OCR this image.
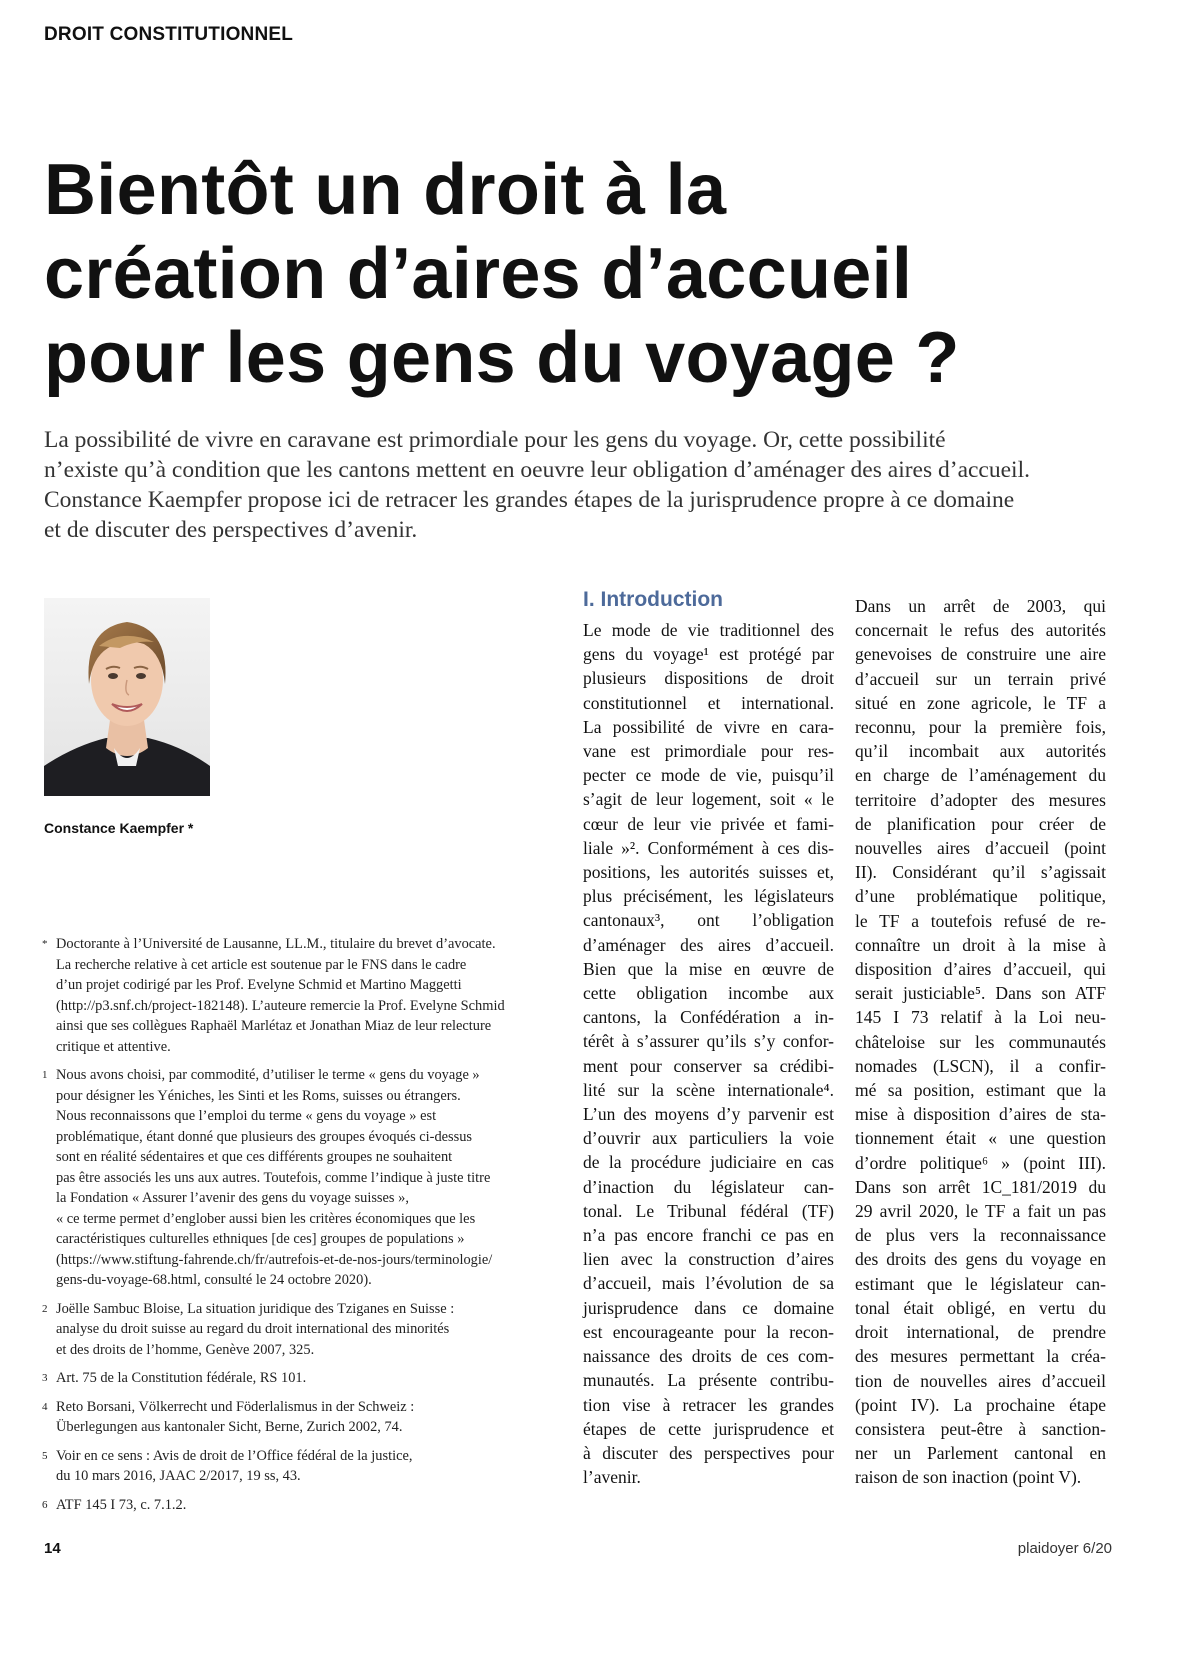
DROIT CONSTITUTIONNEL
Bientôt un droit à la
création d’aires d’accueil
pour les gens du voyage ?
La possibilité de vivre en caravane est primordiale pour les gens du voyage. Or, cette possibilité
n’existe qu’à condition que les cantons mettent en oeuvre leur obligation d’aménager des aires d’accueil.
Constance Kaempfer propose ici de retracer les grandes étapes de la jurisprudence propre à ce domaine
et de discuter des perspectives d’avenir.
Constance Kaempfer *
* Doctorante à l’Université de Lausanne, LL.M., titulaire du brevet d’avocate.
La recherche relative à cet article est soutenue par le FNS dans le cadre
d’un projet codirigé par les Prof. Evelyne Schmid et Martino Maggetti
(http://p3.snf.ch/project-182148). L’auteure remercie la Prof. Evelyne Schmid
ainsi que ses collègues Raphaël Marlétaz et Jonathan Miaz de leur relecture
critique et attentive.
1 Nous avons choisi, par commodité, d’utiliser le terme « gens du voyage »
pour désigner les Yéniches, les Sinti et les Roms, suisses ou étrangers.
Nous reconnaissons que l’emploi du terme « gens du voyage » est
problématique, étant donné que plusieurs des groupes évoqués ci-dessus
sont en réalité sédentaires et que ces différents groupes ne souhaitent
pas être associés les uns aux autres. Toutefois, comme l’indique à juste titre
la Fondation « Assurer l’avenir des gens du voyage suisses »,
« ce terme permet d’englober aussi bien les critères économiques que les
caractéristiques culturelles ethniques [de ces] groupes de populations »
(https://www.stiftung-fahrende.ch/fr/autrefois-et-de-nos-jours/terminologie/
gens-du-voyage-68.html, consulté le 24 octobre 2020).
2 Joëlle Sambuc Bloise, La situation juridique des Tziganes en Suisse :
analyse du droit suisse au regard du droit international des minorités
et des droits de l’homme, Genève 2007, 325.
3 Art. 75 de la Constitution fédérale, RS 101.
4 Reto Borsani, Völkerrecht und Föderlalismus in der Schweiz :
Überlegungen aus kantonaler Sicht, Berne, Zurich 2002, 74.
5 Voir en ce sens : Avis de droit de l’Office fédéral de la justice,
du 10 mars 2016, JAAC 2/2017, 19 ss, 43.
6 ATF 145 I 73, c. 7.1.2.
I. Introduction
Le mode de vie traditionnel des
gens du voyage¹ est protégé par
plusieurs dispositions de droit
constitutionnel et international.
La possibilité de vivre en cara-
vane est primordiale pour res-
pecter ce mode de vie, puisqu’il
s’agit de leur logement, soit « le
cœur de leur vie privée et fami-
liale »². Conformément à ces dis-
positions, les autorités suisses et,
plus précisément, les législateurs
cantonaux³, ont l’obligation
d’aménager des aires d’accueil.
Bien que la mise en œuvre de
cette obligation incombe aux
cantons, la Confédération a in-
térêt à s’assurer qu’ils s’y confor-
ment pour conserver sa crédibi-
lité sur la scène internationale⁴.
L’un des moyens d’y parvenir est
d’ouvrir aux particuliers la voie
de la procédure judiciaire en cas
d’inaction du législateur can-
tonal. Le Tribunal fédéral (TF)
n’a pas encore franchi ce pas en
lien avec la construction d’aires
d’accueil, mais l’évolution de sa
jurisprudence dans ce domaine
est encourageante pour la recon-
naissance des droits de ces com-
munautés. La présente contribu-
tion vise à retracer les grandes
étapes de cette jurisprudence et
à discuter des perspectives pour
l’avenir.
Dans un arrêt de 2003, qui
concernait le refus des autorités
genevoises de construire une aire
d’accueil sur un terrain privé
situé en zone agricole, le TF a
reconnu, pour la première fois,
qu’il incombait aux autorités
en charge de l’aménagement du
territoire d’adopter des mesures
de planification pour créer de
nouvelles aires d’accueil (point
II). Considérant qu’il s’agissait
d’une problématique politique,
le TF a toutefois refusé de re-
connaître un droit à la mise à
disposition d’aires d’accueil, qui
serait justiciable⁵. Dans son ATF
145 I 73 relatif à la Loi neu-
châteloise sur les communautés
nomades (LSCN), il a confir-
mé sa position, estimant que la
mise à disposition d’aires de sta-
tionnement était « une question
d’ordre politique⁶ » (point III).
Dans son arrêt 1C_181/2019 du
29 avril 2020, le TF a fait un pas
de plus vers la reconnaissance
des droits des gens du voyage en
estimant que le législateur can-
tonal était obligé, en vertu du
droit international, de prendre
des mesures permettant la créa-
tion de nouvelles aires d’accueil
(point IV). La prochaine étape
consistera peut-être à sanction-
ner un Parlement cantonal en
raison de son inaction (point V).
14	plaidoyer 6/20
